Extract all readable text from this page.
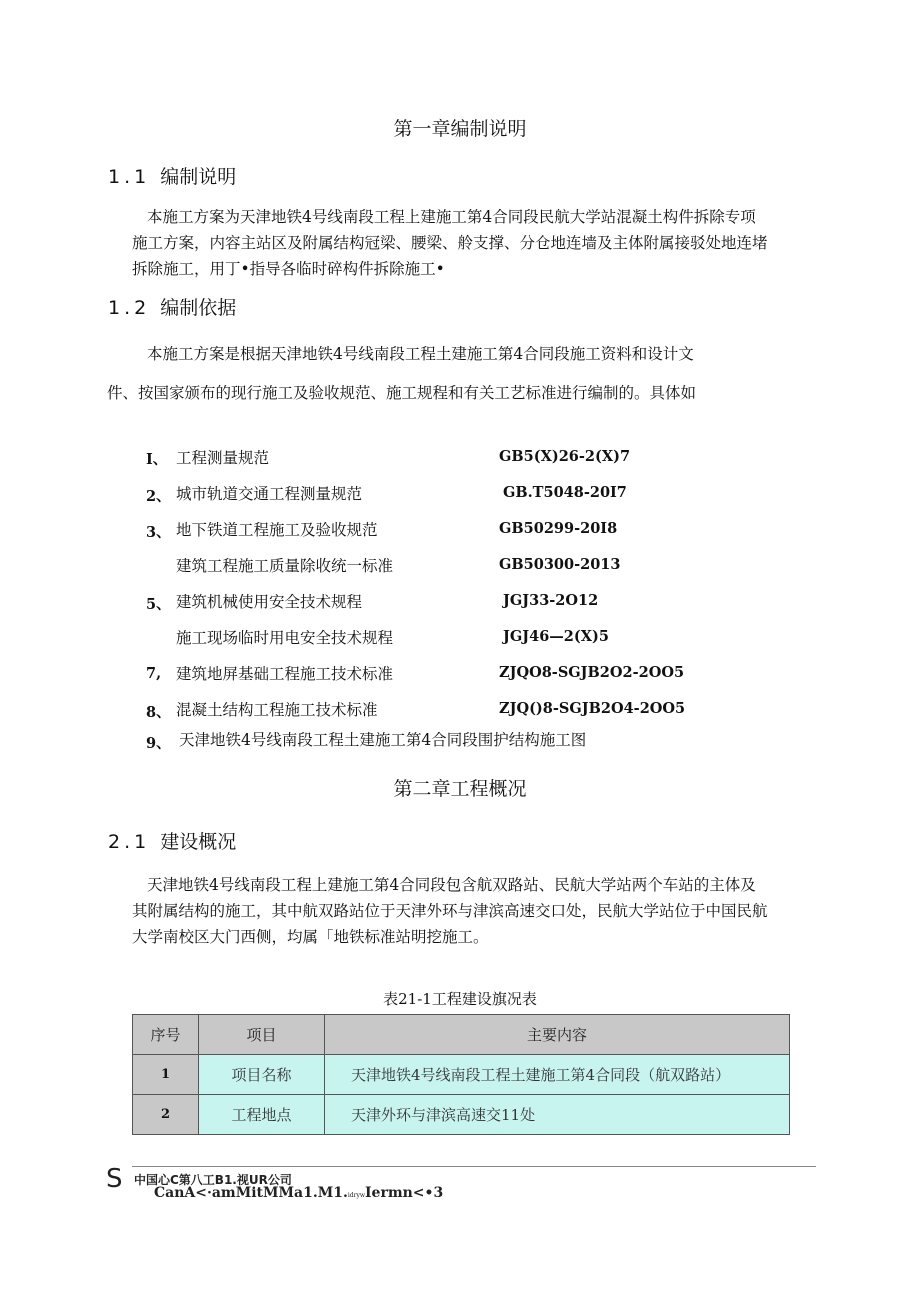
第一章编制说明
1.1 编制说明
本施工方案为天津地铁4号线南段工程上建施工第4合同段民航大学站混凝土构件拆除专项
施工方案，内容主站区及附属结构冠梁、腰梁、舲支撑、分仓地连墙及主体附属接驳处地连堵
拆除施工，用丁•指导各临时碎构件拆除施工•
1.2 编制依据
本施工方案是根据天津地铁4号线南段工程土建施工第4合同段施工资料和设计文
件、按国家颁布的现行施工及验收规范、施工规程和有关工艺标准进行编制的。具体如
I、 工程测量规范	GB5(X)26-2(X)7
2、 城市轨道交通工程测量规范	GB.T5048-20I7
3、 地下铁道工程施工及验收规范	GB50299-20I8
建筑工程施工质量除收统一标准	GB50300-2013
5、 建筑机械使用安全技术规程	JGJ33-2O12
施工现场临时用电安全技术规程	JGJ46—2(X)5
7, 建筑地屏基础工程施工技术标准	ZJQO8-SGJB2O2-2OO5
8、 混凝土结构工程施工技术标准	ZJQ()8-SGJB2O4-2OO5
9、 天津地铁4号线南段工程土建施工第4合同段围护结构施工图
第二章工程概况
2.1 建设概况
天津地铁4号线南段工程上建施工第4合同段包含航双路站、民航大学站两个车站的主体及
其附属结构的施工，其中航双路站位于天津外环与津滨高速交口处，民航大学站位于中国民航
大学南校区大门西侧，均属「地铁标准站明挖施工。
表21-1工程建设旗况表
序号	项目	主要内容
1	项目名称	天津地铁4号线南段工程土建施工第4合同段（航双路站）
2	工程地点	天津外环与津滨高速交11处
S 中国心C第八工B1.视UR公司
CanA<·amMitMMa1.M1.idrywIermn<•3
